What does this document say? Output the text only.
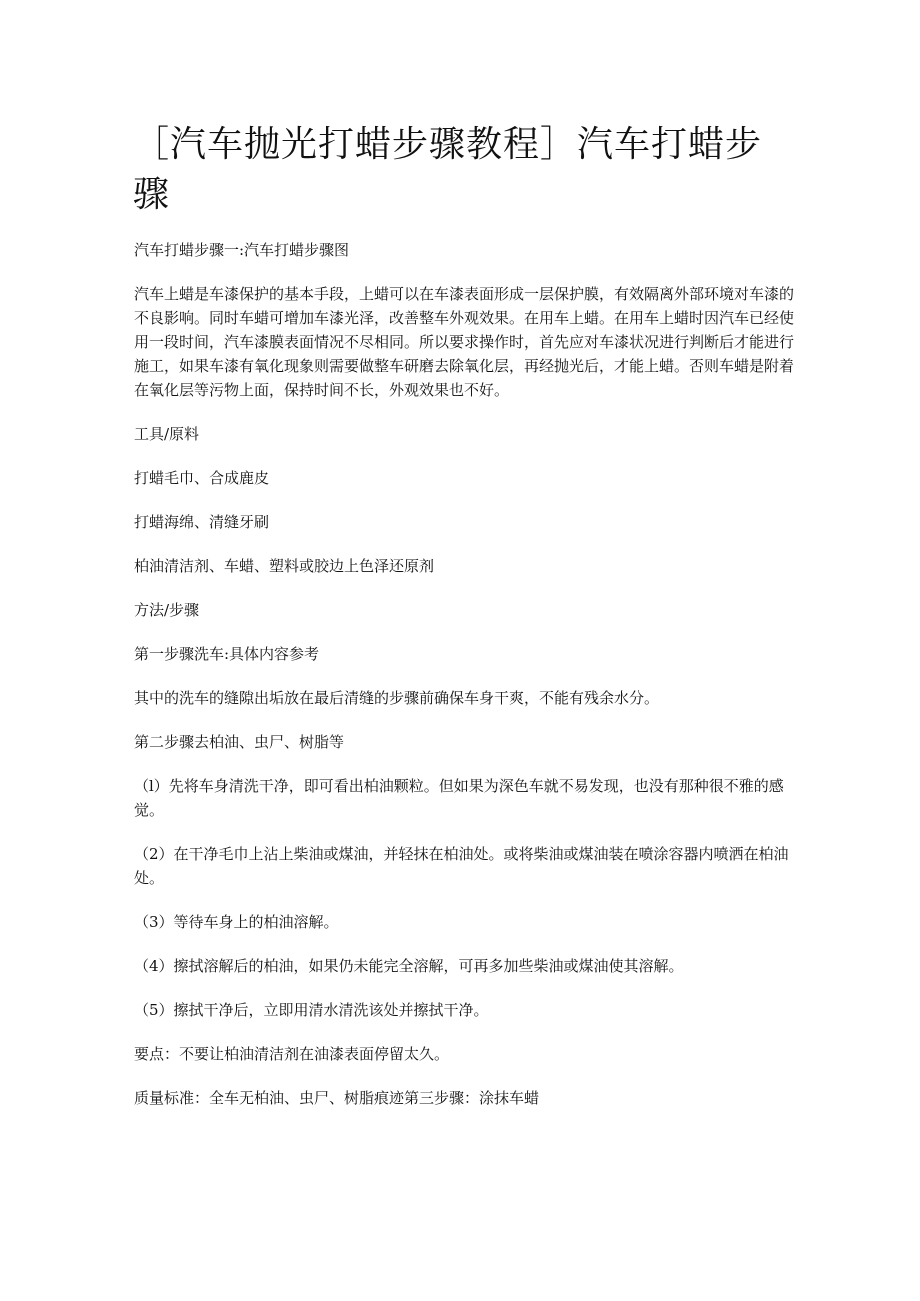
［汽车抛光打蜡步骤教程］汽车打蜡步骤

汽车打蜡步骤一:汽车打蜡步骤图

汽车上蜡是车漆保护的基本手段，上蜡可以在车漆表面形成一层保护膜，有效隔离外部环境对车漆的不良影响。同时车蜡可增加车漆光泽，改善整车外观效果。在用车上蜡。在用车上蜡时因汽车已经使用一段时间，汽车漆膜表面情况不尽相同。所以要求操作时，首先应对车漆状况进行判断后才能进行施工，如果车漆有氧化现象则需要做整车研磨去除氧化层，再经抛光后，才能上蜡。否则车蜡是附着在氧化层等污物上面，保持时间不长，外观效果也不好。

工具/原料

打蜡毛巾、合成鹿皮

打蜡海绵、清缝牙刷

柏油清洁剂、车蜡、塑料或胶边上色泽还原剂

方法/步骤

第一步骤洗车:具体内容参考

其中的洗车的缝隙出垢放在最后清缝的步骤前确保车身干爽，不能有残余水分。

第二步骤去柏油、虫尸、树脂等

（l）先将车身清洗干净，即可看出柏油颗粒。但如果为深色车就不易发现，也没有那种很不雅的感觉。

（2）在干净毛巾上沾上柴油或煤油，并轻抹在柏油处。或将柴油或煤油装在喷涂容器内喷洒在柏油处。

（3）等待车身上的柏油溶解。

（4）擦拭溶解后的柏油，如果仍未能完全溶解，可再多加些柴油或煤油使其溶解。

（5）擦拭干净后，立即用清水清洗该处并擦拭干净。

要点：不要让柏油清洁剂在油漆表面停留太久。

质量标准：全车无柏油、虫尸、树脂痕迹第三步骤：涂抹车蜡
